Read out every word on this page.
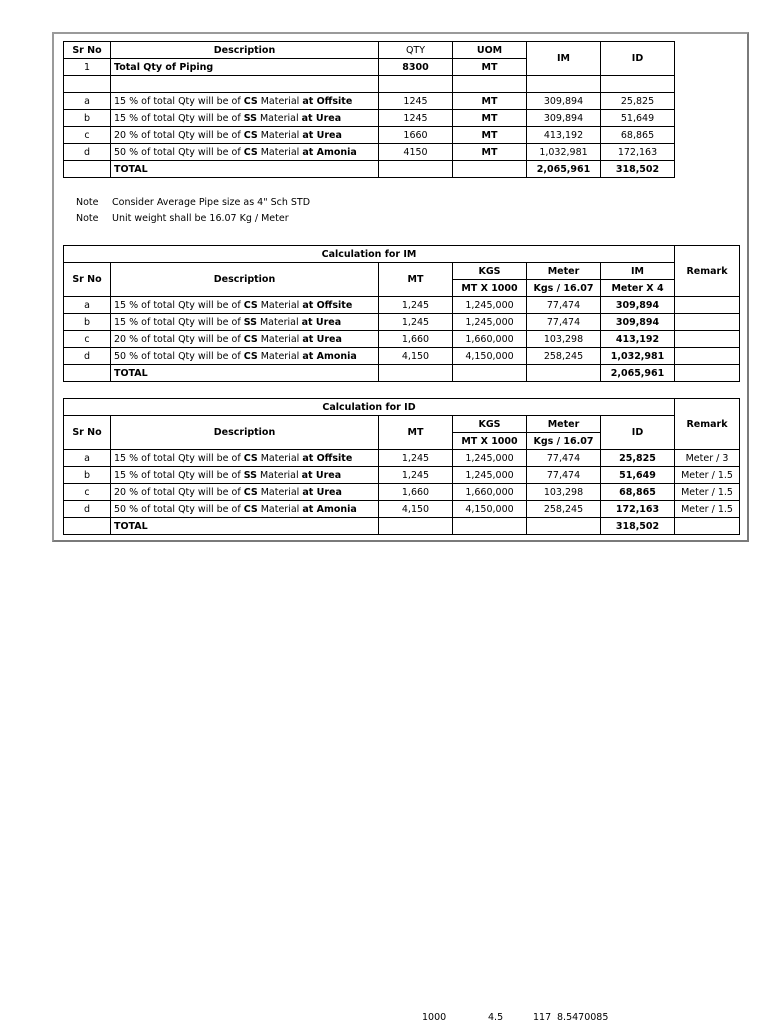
Sr No	Description	QTY	UOM	IM	ID
1	Total Qty of Piping	8300	MT		

a	15 % of total Qty will be of CS Material at Offsite	1245	MT	309,894	25,825
b	15 % of total Qty will be of SS Material at Urea	1245	MT	309,894	51,649
c	20 % of total Qty will be of CS Material at Urea	1660	MT	413,192	68,865
d	50 % of total Qty will be of CS Material at Amonia	4150	MT	1,032,981	172,163
	TOTAL			2,065,961	318,502
Note Consider Average Pipe size as 4" Sch STD
Note Unit weight shall be 16.07 Kg / Meter
Calculation for IM						Remark
Sr No	Description	MT	KGS	Meter	IM	
			MT X 1000	Kgs / 16.07	Meter X 4	
a	15 % of total Qty will be of CS Material at Offsite	1,245	1,245,000	77,474	309,894	
b	15 % of total Qty will be of SS Material at Urea	1,245	1,245,000	77,474	309,894	
c	20 % of total Qty will be of CS Material at Urea	1,660	1,660,000	103,298	413,192	
d	50 % of total Qty will be of CS Material at Amonia	4,150	4,150,000	258,245	1,032,981	
	TOTAL				2,065,961	
Calculation for ID						Remark
Sr No	Description	MT	KGS	Meter	ID	
			MT X 1000	Kgs / 16.07		
a	15 % of total Qty will be of CS Material at Offsite	1,245	1,245,000	77,474	25,825	Meter / 3
b	15 % of total Qty will be of SS Material at Urea	1,245	1,245,000	77,474	51,649	Meter / 1.5
c	20 % of total Qty will be of CS Material at Urea	1,660	1,660,000	103,298	68,865	Meter / 1.5
d	50 % of total Qty will be of CS Material at Amonia	4,150	4,150,000	258,245	172,163	Meter / 1.5
	TOTAL				318,502	
1000	4.5	117 8.5470085
